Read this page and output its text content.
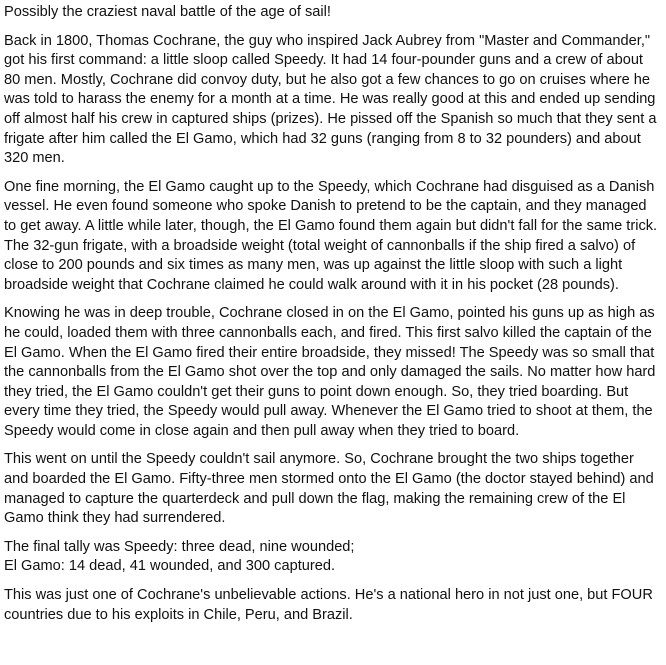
Possibly the craziest naval battle of the age of sail!

Back in 1800, Thomas Cochrane, the guy who inspired Jack Aubrey from "Master and Commander," got his first command: a little sloop called Speedy. It had 14 four-pounder guns and a crew of about 80 men. Mostly, Cochrane did convoy duty, but he also got a few chances to go on cruises where he was told to harass the enemy for a month at a time. He was really good at this and ended up sending off almost half his crew in captured ships (prizes). He pissed off the Spanish so much that they sent a frigate after him called the El Gamo, which had 32 guns (ranging from 8 to 32 pounders) and about 320 men.

One fine morning, the El Gamo caught up to the Speedy, which Cochrane had disguised as a Danish vessel. He even found someone who spoke Danish to pretend to be the captain, and they managed to get away. A little while later, though, the El Gamo found them again but didn't fall for the same trick. The 32-gun frigate, with a broadside weight (total weight of cannonballs if the ship fired a salvo) of close to 200 pounds and six times as many men, was up against the little sloop with such a light broadside weight that Cochrane claimed he could walk around with it in his pocket (28 pounds).

Knowing he was in deep trouble, Cochrane closed in on the El Gamo, pointed his guns up as high as he could, loaded them with three cannonballs each, and fired. This first salvo killed the captain of the El Gamo. When the El Gamo fired their entire broadside, they missed! The Speedy was so small that the cannonballs from the El Gamo shot over the top and only damaged the sails. No matter how hard they tried, the El Gamo couldn't get their guns to point down enough. So, they tried boarding. But every time they tried, the Speedy would pull away. Whenever the El Gamo tried to shoot at them, the Speedy would come in close again and then pull away when they tried to board.

This went on until the Speedy couldn't sail anymore. So, Cochrane brought the two ships together and boarded the El Gamo. Fifty-three men stormed onto the El Gamo (the doctor stayed behind) and managed to capture the quarterdeck and pull down the flag, making the remaining crew of the El Gamo think they had surrendered.

The final tally was Speedy: three dead, nine wounded;
El Gamo: 14 dead, 41 wounded, and 300 captured.

This was just one of Cochrane's unbelievable actions. He's a national hero in not just one, but FOUR countries due to his exploits in Chile, Peru, and Brazil.
